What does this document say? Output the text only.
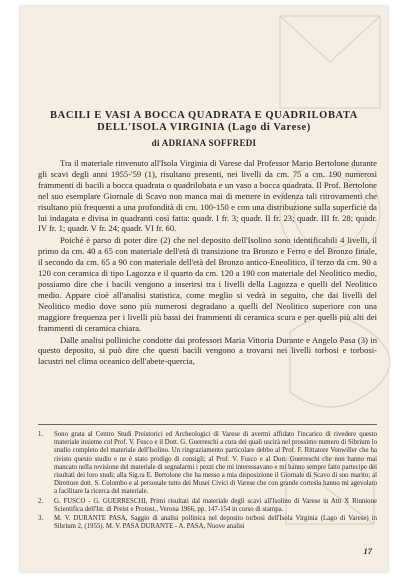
BACILI E VASI A BOCCA QUADRATA E QUADRILOBATA
DELL'ISOLA VIRGINIA (Lago di Varese)
di ADRIANA SOFFREDI

Tra il materiale rinvenuto all'Isola Virginia di Varese dal Professor Mario Bertolone durante gli scavi degli anni 1955-'59 (1), risultano presenti, nei livelli da cm. 75 a cm. 190 numerosi frammenti di bacili a bocca quadrata o quadrilobata e un vaso a bocca quadrata. Il Prof. Bertolone nel suo esemplare Giornale di Scavo non manca mai di mettere in evidenza tali ritrovamenti che risultano più frequenti a una profondità di cm. 100-150 e con una distribuzione sulla superficie da lui indagata e divisa in quadranti così fatta: quadr. I fr. 3; quadr. II fr. 23; quadr. III fr. 28; quadr. IV fr. 1; quadr. V fr. 24; quadr. VI fr. 60.

Poiché è parso di poter dire (2) che nel deposito dell'Isolino sono identificabili 4 livelli, il primo da cm. 40 a 65 con materiale dell'età di transizione tra Bronzo e Ferro e del Bronzo finale, il secondo da cm. 65 a 90 con materiale dell'età del Bronzo antico-Eneolitico, il terzo da cm. 90 a 120 con ceramica di tipo Lagozza e il quarto da cm. 120 a 190 con materiale del Neolitico medio, possiamo dire che i bacili vengono a inserirsi tra i livelli della Lagozza e quelli del Neolitico medio. Appare cioè all'analisi statistica, come meglio si vedrà in seguito, che dai livelli del Neolitico medio dove sono più numerosi degradano a quelli del Neolitico superiore con una maggiore frequenza per i livelli più bassi dei frammenti di ceramica scura e per quelli più alti dei frammenti di ceramica chiara.

Dalle analisi polliniche condotte dai professori Maria Vittoria Durante e Angelo Pasa (3) in questo deposito, si può dire che questi bacili vengono a trovarsi nei livelli torbosi e torbosi-lacustri nel clima oceanico dell'abete-quercia,

1.	Sono grata al Centro Studi Preistorici ed Archeologici di Varese di avermi affidato l'incarico di rivedere questo materiale insieme col Prof. V. Fusco e il Dott. G. Guerreschi a cura dei quali uscirà nel prossimo numero di Sibrium lo studio completo del materiale dell'Isolino. Un ringraziamento particolare debbo al Prof. F. Rittatore Vonwiller che ha rivisto questo studio e ne è stato prodigo di consigli; al Prof. V. Fusco e al Dott. Guerreschi che non hanno mai mancato nella revisione del materiale di segnalarmi i pezzi che mi interessavano e mi hanno sempre fatto partecipe dei risultati dei loro studi; alla Sig.ra E. Bertolone che ha messo a mia disposizione il Giornale di Scavo di suo marito; al Direttore dott. S. Colombo e al personale tutto dei Musei Civici di Varese che con grande cortesia hanno mi agevolato a facilitare la ricerca del materiale.
2.	G. FUSCO - G. GUERRESCHI, Primi risultati dal materiale degli scavi all'Isolino di Varese in Atti X Riunione Scientifica dell'Ist. di Preist e Protost., Verona 1966, pp. 147-154 in corso di stampa.
3.	M. V. DURANTE PASA, Saggio di analisi pollinica nel deposito torbosi dell'Isola Virginia (Lago di Varese) in Sibrium 2, (1955). M. V. PASA DURANTE - A. PASA, Nuove analisi
17
